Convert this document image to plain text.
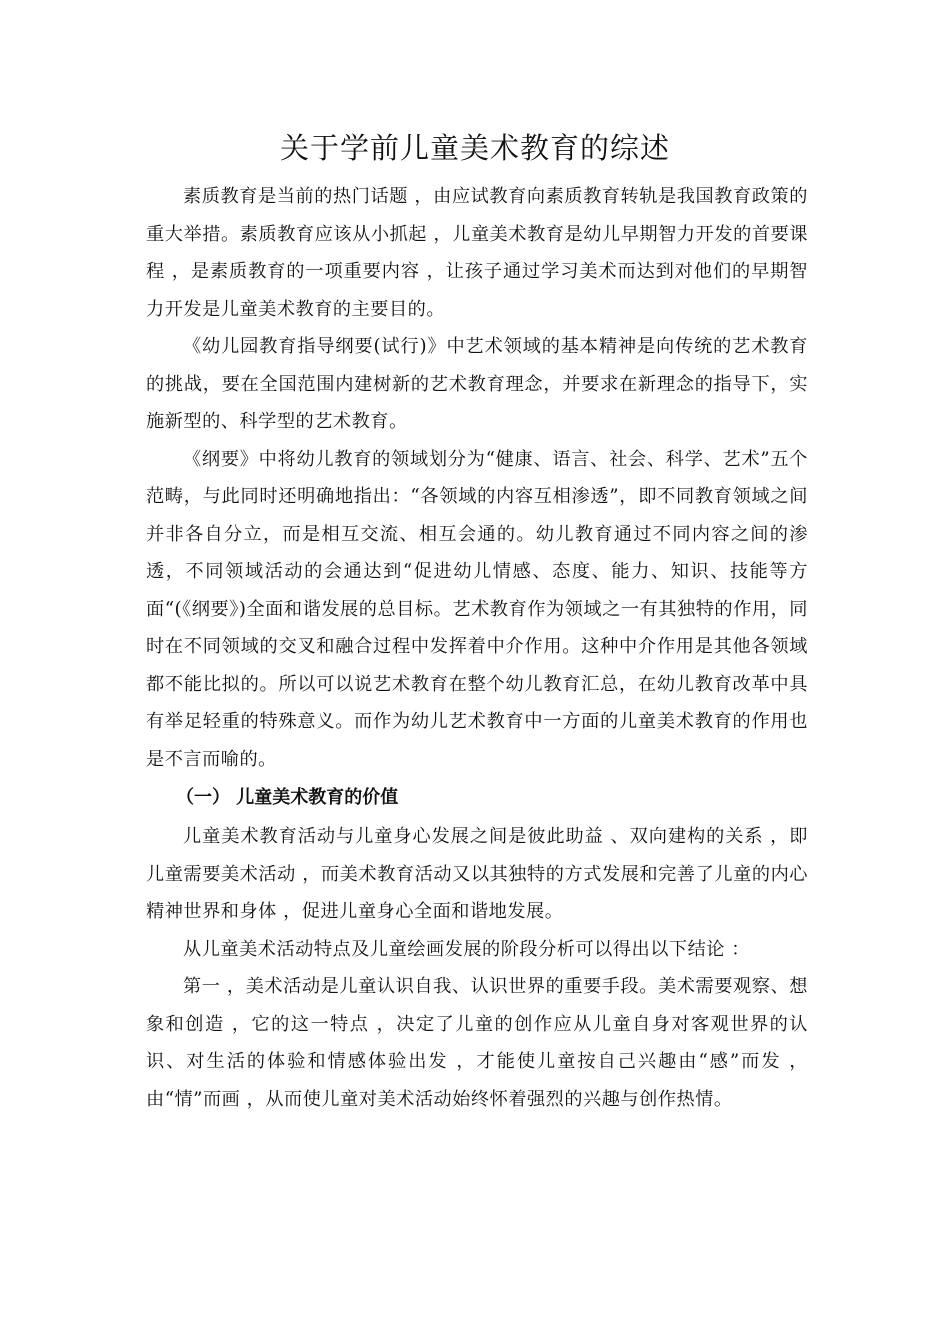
关于学前儿童美术教育的综述

素质教育是当前的热门话题 ，由应试教育向素质教育转轨是我国教育政策的重大举措。素质教育应该从小抓起 ，儿童美术教育是幼儿早期智力开发的首要课程 ，是素质教育的一项重要内容 ，让孩子通过学习美术而达到对他们的早期智力开发是儿童美术教育的主要目的。

《幼儿园教育指导纲要(试行)》中艺术领域的基本精神是向传统的艺术教育的挑战，要在全国范围内建树新的艺术教育理念，并要求在新理念的指导下，实施新型的、科学型的艺术教育。

《纲要》中将幼儿教育的领域划分为“健康、语言、社会、科学、艺术”五个范畴，与此同时还明确地指出：“各领域的内容互相渗透”，即不同教育领域之间并非各自分立，而是相互交流、相互会通的。幼儿教育通过不同内容之间的渗透，不同领域活动的会通达到“促进幼儿情感、态度、能力、知识、技能等方面“(《纲要》)全面和谐发展的总目标。艺术教育作为领域之一有其独特的作用，同时在不同领域的交叉和融合过程中发挥着中介作用。这种中介作用是其他各领域都不能比拟的。所以可以说艺术教育在整个幼儿教育汇总，在幼儿教育改革中具有举足轻重的特殊意义。而作为幼儿艺术教育中一方面的儿童美术教育的作用也是不言而喻的。

（一） 儿童美术教育的价值

儿童美术教育活动与儿童身心发展之间是彼此助益 、双向建构的关系 ，即儿童需要美术活动 ，而美术教育活动又以其独特的方式发展和完善了儿童的内心精神世界和身体 ，促进儿童身心全面和谐地发展。

从儿童美术活动特点及儿童绘画发展的阶段分析可以得出以下结论 ：

第一 ，美术活动是儿童认识自我、认识世界的重要手段。美术需要观察、想象和创造 ，它的这一特点 ，决定了儿童的创作应从儿童自身对客观世界的认识、对生活的体验和情感体验出发 ，才能使儿童按自己兴趣由“感”而发 ，由“情”而画 ，从而使儿童对美术活动始终怀着强烈的兴趣与创作热情。
